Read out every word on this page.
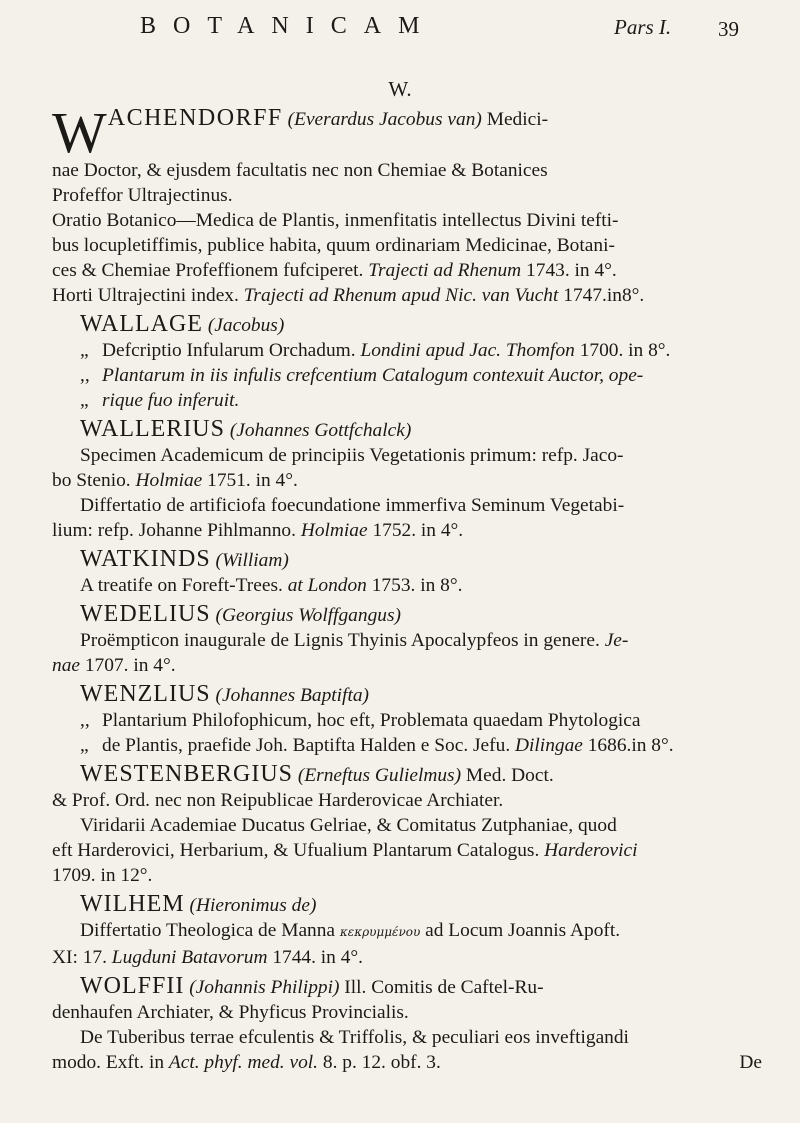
BOTANICAM	Pars I. 39
W.
WACHENDORFF (Everardus Jacobus van) Medici-
nae Doctor, & ejusdem facultatis nec non Chemiae & Botanices
Profeffor Ultrajectinus.
Oratio Botanico—Medica de Plantis, inmenfitatis intellectus Divini tefti-
bus locupletiffimis, publice habita, quum ordinariam Medicinae, Botani-
ces & Chemiae Profeffionem fufciperet. Trajecti ad Rhenum 1743. in 4°.
Horti Ultrajectini index. Trajecti ad Rhenum apud Nic. van Vucht 1747.in8°.
WALLAGE (Jacobus)
„ Defcriptio Infularum Orchadum. Londini apud Jac. Thomfon 1700. in 8°.
,, Plantarum in iis infulis crefcentium Catalogum contexuit Auctor, ope-
„ rique fuo inferuit.
WALLERIUS (Johannes Gottfchalck)
Specimen Academicum de principiis Vegetationis primum: refp. Jaco-
bo Stenio. Holmiae 1751. in 4°.
Differtatio de artificiofa foecundatione immerfiva Seminum Vegetabi-
lium: refp. Johanne Pihlmanno. Holmiae 1752. in 4°.
WATKINDS (William)
A treatife on Foreft-Trees. at London 1753. in 8°.
WEDELIUS (Georgius Wolffgangus)
Proëmpticon inaugurale de Lignis Thyinis Apocalypfeos in genere. Je-
nae 1707. in 4°.
WENZLIUS (Johannes Baptifta)
,, Plantarium Philofophicum, hoc eft, Problemata quaedam Phytologica
„ de Plantis, praefide Joh. Baptifta Halden e Soc. Jefu. Dilingae 1686.in 8°.
WESTENBERGIUS (Erneftus Gulielmus) Med. Doct.
& Prof. Ord. nec non Reipublicae Harderovicae Archiater.
Viridarii Academiae Ducatus Gelriae, & Comitatus Zutphaniae, quod
eft Harderovici, Herbarium, & Ufualium Plantarum Catalogus. Harderovici
1709. in 12°.
WILHEM (Hieronimus de)
Differtatio Theologica de Manna κεκρυμμένου ad Locum Joannis Apoft.
XI: 17. Lugduni Batavorum 1744. in 4°.
WOLFFII (Johannis Philippi) Ill. Comitis de Caftel-Ru-
denhaufen Archiater, & Phyficus Provincialis.
De Tuberibus terrae efculentis & Triffolis, & peculiari eos inveftigandi
modo. Exft. in Act. phyf. med. vol. 8. p. 12. obf. 3.	De
